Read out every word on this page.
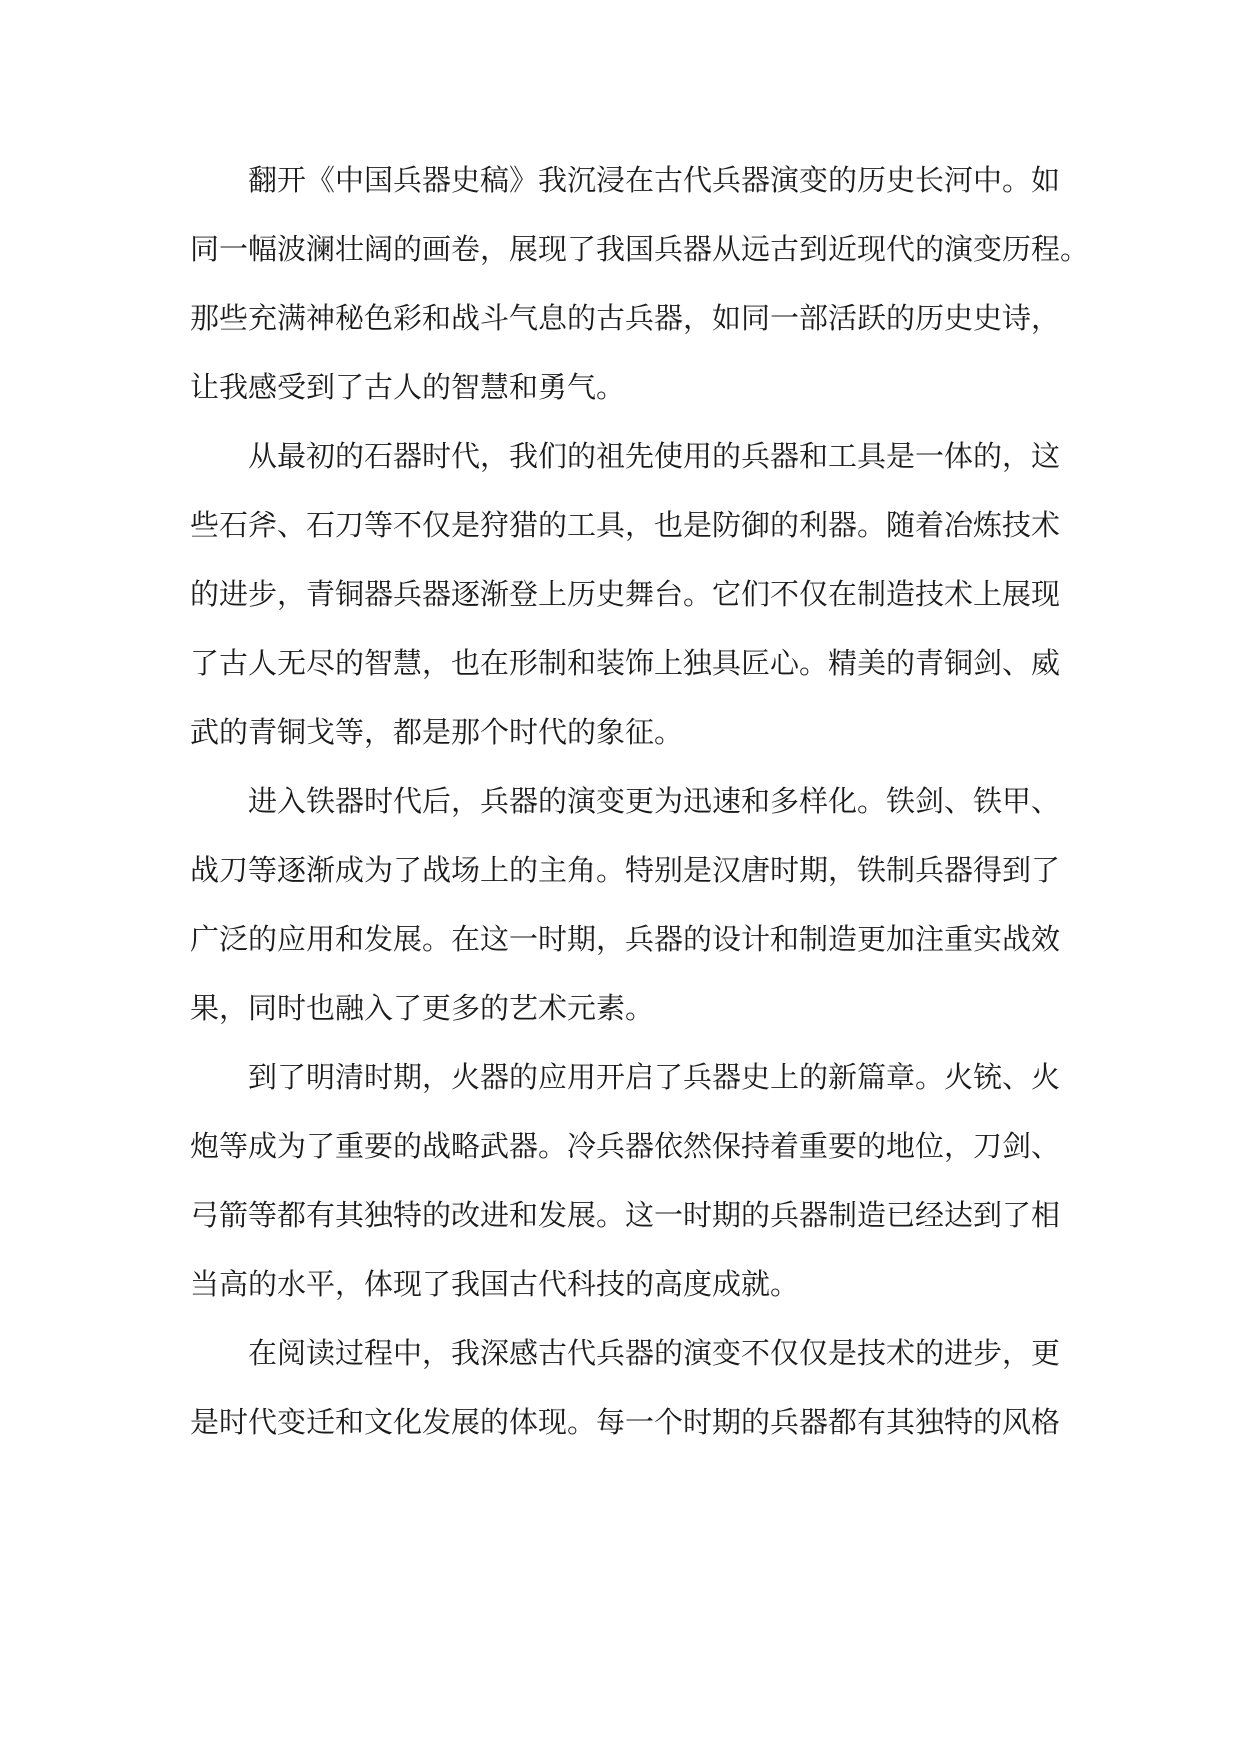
翻开《中国兵器史稿》我沉浸在古代兵器演变的历史长河中。如
同一幅波澜壮阔的画卷，展现了我国兵器从远古到近现代的演变历程。
那些充满神秘色彩和战斗气息的古兵器，如同一部活跃的历史史诗，
让我感受到了古人的智慧和勇气。

从最初的石器时代，我们的祖先使用的兵器和工具是一体的，这
些石斧、石刀等不仅是狩猎的工具，也是防御的利器。随着冶炼技术
的进步，青铜器兵器逐渐登上历史舞台。它们不仅在制造技术上展现
了古人无尽的智慧，也在形制和装饰上独具匠心。精美的青铜剑、威
武的青铜戈等，都是那个时代的象征。

进入铁器时代后，兵器的演变更为迅速和多样化。铁剑、铁甲、
战刀等逐渐成为了战场上的主角。特别是汉唐时期，铁制兵器得到了
广泛的应用和发展。在这一时期，兵器的设计和制造更加注重实战效
果，同时也融入了更多的艺术元素。

到了明清时期，火器的应用开启了兵器史上的新篇章。火铳、火
炮等成为了重要的战略武器。冷兵器依然保持着重要的地位，刀剑、
弓箭等都有其独特的改进和发展。这一时期的兵器制造已经达到了相
当高的水平，体现了我国古代科技的高度成就。

在阅读过程中，我深感古代兵器的演变不仅仅是技术的进步，更
是时代变迁和文化发展的体现。每一个时期的兵器都有其独特的风格
